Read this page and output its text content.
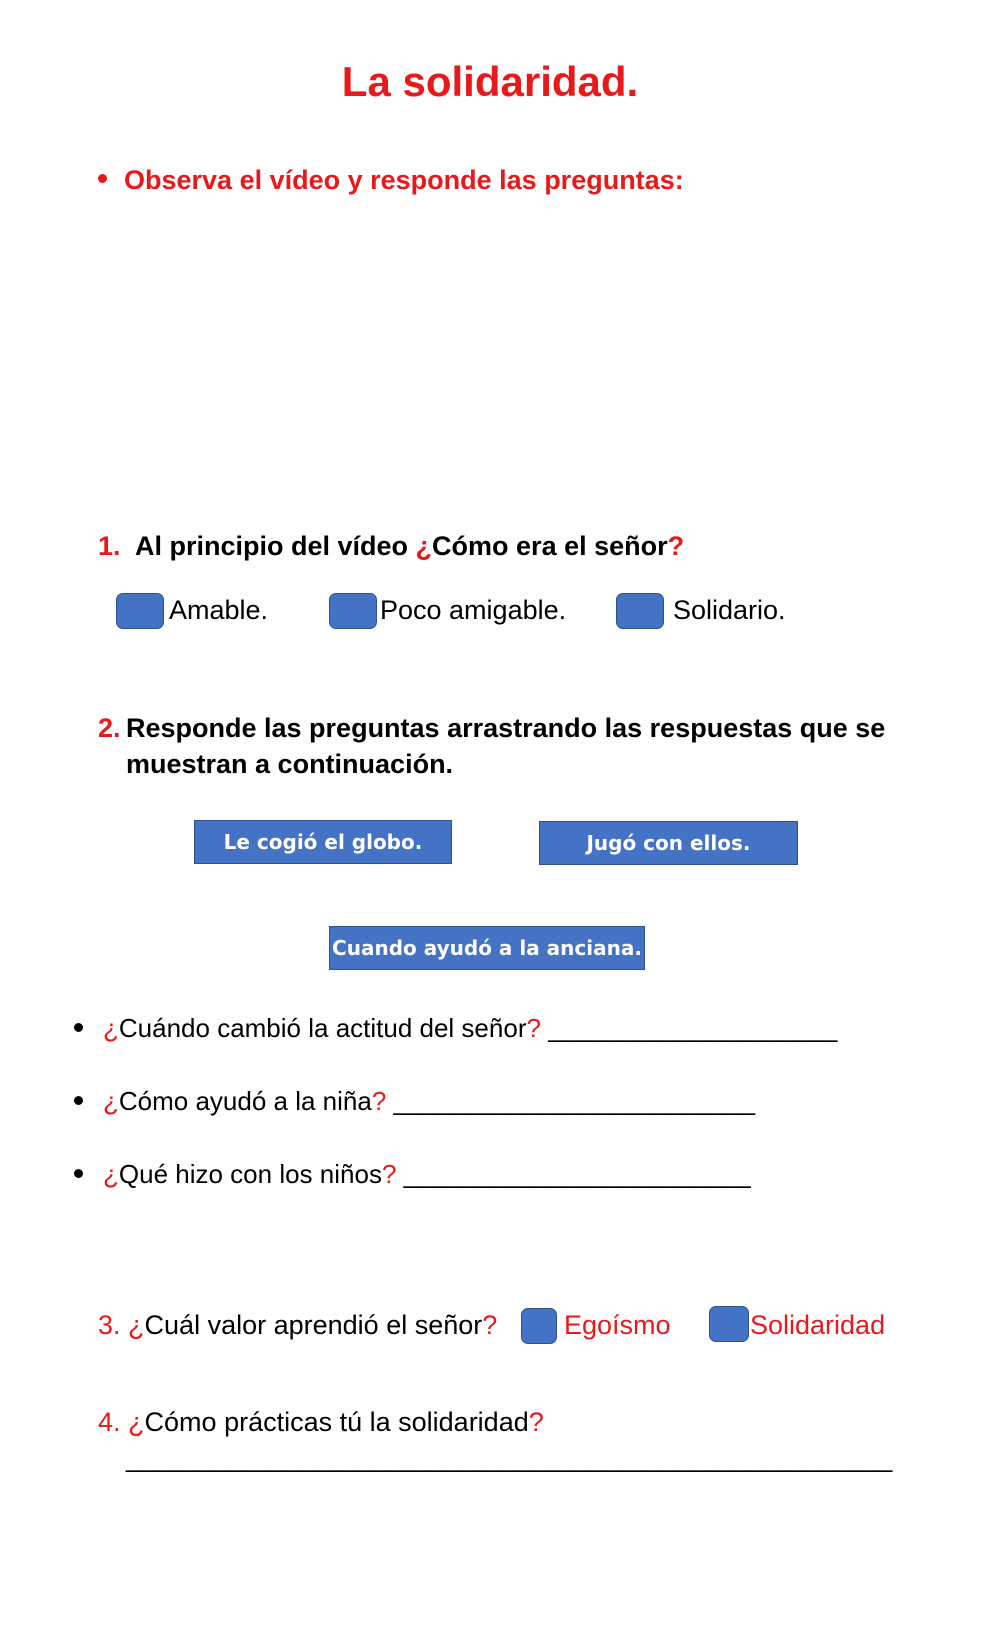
La solidaridad.
Observa el vídeo y responde las preguntas:
1. Al principio del vídeo ¿Cómo era el señor?
Amable.	Poco amigable.	Solidario.
2. Responde las preguntas arrastrando las respuestas que se muestran a continuación.
Le cogió el globo.	Jugó con ellos.
Cuando ayudó a la anciana.
¿Cuándo cambió la actitud del señor? ____________________
¿Cómo ayudó a la niña? _________________________
¿Qué hizo con los niños? ________________________
3. ¿Cuál valor aprendió el señor? Egoísmo	Solidaridad
4. ¿Cómo prácticas tú la solidaridad?
_____________________________________________________
